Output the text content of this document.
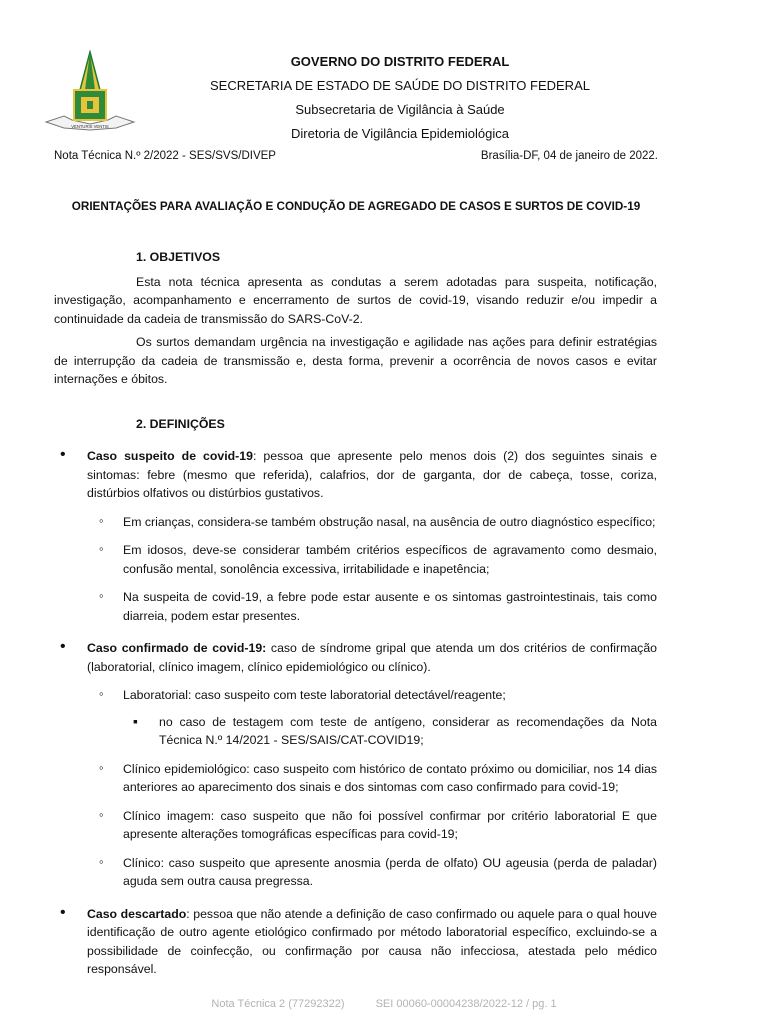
VENTURIS VENTIS
GOVERNO DO DISTRITO FEDERAL
SECRETARIA DE ESTADO DE SAÚDE DO DISTRITO FEDERAL
Subsecretaria de Vigilância à Saúde
Diretoria de Vigilância Epidemiológica
Nota Técnica N.º 2/2022 - SES/SVS/DIVEP	Brasília-DF, 04 de janeiro de 2022.
ORIENTAÇÕES PARA AVALIAÇÃO E CONDUÇÃO DE AGREGADO DE CASOS E SURTOS DE COVID-19
1. OBJETIVOS

Esta nota técnica apresenta as condutas a serem adotadas para suspeita, notificação, investigação, acompanhamento e encerramento de surtos de covid-19, visando reduzir e/ou impedir a continuidade da cadeia de transmissão do SARS-CoV-2.

Os surtos demandam urgência na investigação e agilidade nas ações para definir estratégias de interrupção da cadeia de transmissão e, desta forma, prevenir a ocorrência de novos casos e evitar internações e óbitos.

2. DEFINIÇÕES
• Caso suspeito de covid-19: pessoa que apresente pelo menos dois (2) dos seguintes sinais e sintomas: febre (mesmo que referida), calafrios, dor de garganta, dor de cabeça, tosse, coriza, distúrbios olfativos ou distúrbios gustativos.
◦ Em crianças, considera-se também obstrução nasal, na ausência de outro diagnóstico específico;
◦ Em idosos, deve-se considerar também critérios específicos de agravamento como desmaio, confusão mental, sonolência excessiva, irritabilidade e inapetência;
◦ Na suspeita de covid-19, a febre pode estar ausente e os sintomas gastrointestinais, tais como diarreia, podem estar presentes.
• Caso confirmado de covid-19: caso de síndrome gripal que atenda um dos critérios de confirmação (laboratorial, clínico imagem, clínico epidemiológico ou clínico).
◦ Laboratorial: caso suspeito com teste laboratorial detectável/reagente;
▪ no caso de testagem com teste de antígeno, considerar as recomendações da Nota Técnica N.º 14/2021 - SES/SAIS/CAT-COVID19;
◦ Clínico epidemiológico: caso suspeito com histórico de contato próximo ou domiciliar, nos 14 dias anteriores ao aparecimento dos sinais e dos sintomas com caso confirmado para covid-19;
◦ Clínico imagem: caso suspeito que não foi possível confirmar por critério laboratorial E que apresente alterações tomográficas específicas para covid-19;
◦ Clínico: caso suspeito que apresente anosmia (perda de olfato) OU ageusia (perda de paladar) aguda sem outra causa pregressa.
• Caso descartado: pessoa que não atende a definição de caso confirmado ou aquele para o qual houve identificação de outro agente etiológico confirmado por método laboratorial específico, excluindo-se a possibilidade de coinfecção, ou confirmação por causa não infecciosa, atestada pelo médico responsável.
Nota Técnica 2 (77292322)	SEI 00060-00004238/2022-12 / pg. 1
